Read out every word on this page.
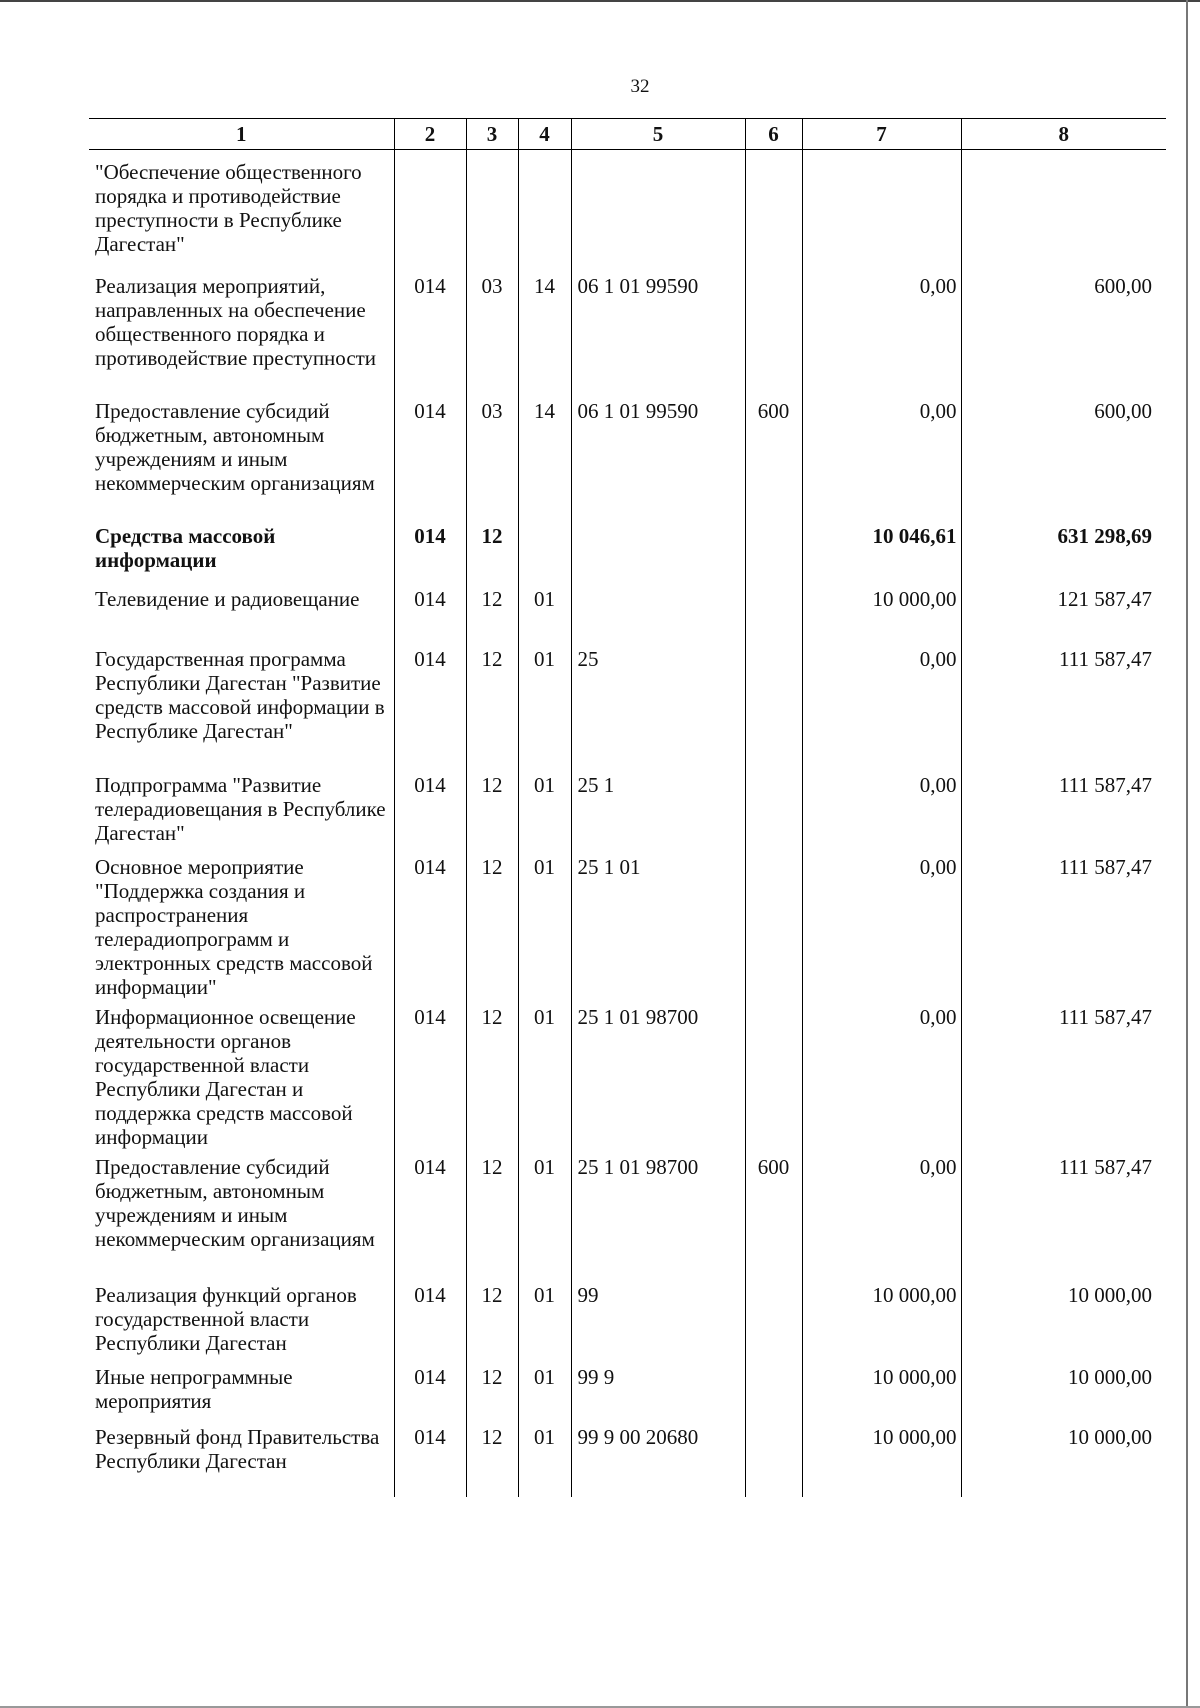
32
1	2	3	4	5	6	7	8

"Обеспечение общественного порядка и противодействие преступности в Республике Дагестан"							

Реализация мероприятий, направленных на обеспечение общественного порядка и противодействие преступности	014	03	14	06 1 01 99590		0,00	600,00

Предоставление субсидий бюджетным, автономным учреждениям и иным некоммерческим организациям	014	03	14	06 1 01 99590	600	0,00	600,00

Средства массовой информации	014	12				10 046,61	631 298,69

Телевидение и радиовещание	014	12	01			10 000,00	121 587,47

Государственная программа Республики Дагестан "Развитие средств массовой информации в Республике Дагестан"	014	12	01	25		0,00	111 587,47

Подпрограмма "Развитие телерадиовещания в Республике Дагестан"	014	12	01	25 1		0,00	111 587,47

Основное мероприятие "Поддержка создания и распространения телерадиопрограмм и электронных средств массовой информации"	014	12	01	25 1 01		0,00	111 587,47

Информационное освещение деятельности органов государственной власти Республики Дагестан и поддержка средств массовой информации	014	12	01	25 1 01 98700		0,00	111 587,47

Предоставление субсидий бюджетным, автономным учреждениям и иным некоммерческим организациям	014	12	01	25 1 01 98700	600	0,00	111 587,47

Реализация функций органов государственной власти Республики Дагестан	014	12	01	99		10 000,00	10 000,00

Иные непрограммные мероприятия	014	12	01	99 9		10 000,00	10 000,00

Резервный фонд Правительства Республики Дагестан	014	12	01	99 9 00 20680		10 000,00	10 000,00
